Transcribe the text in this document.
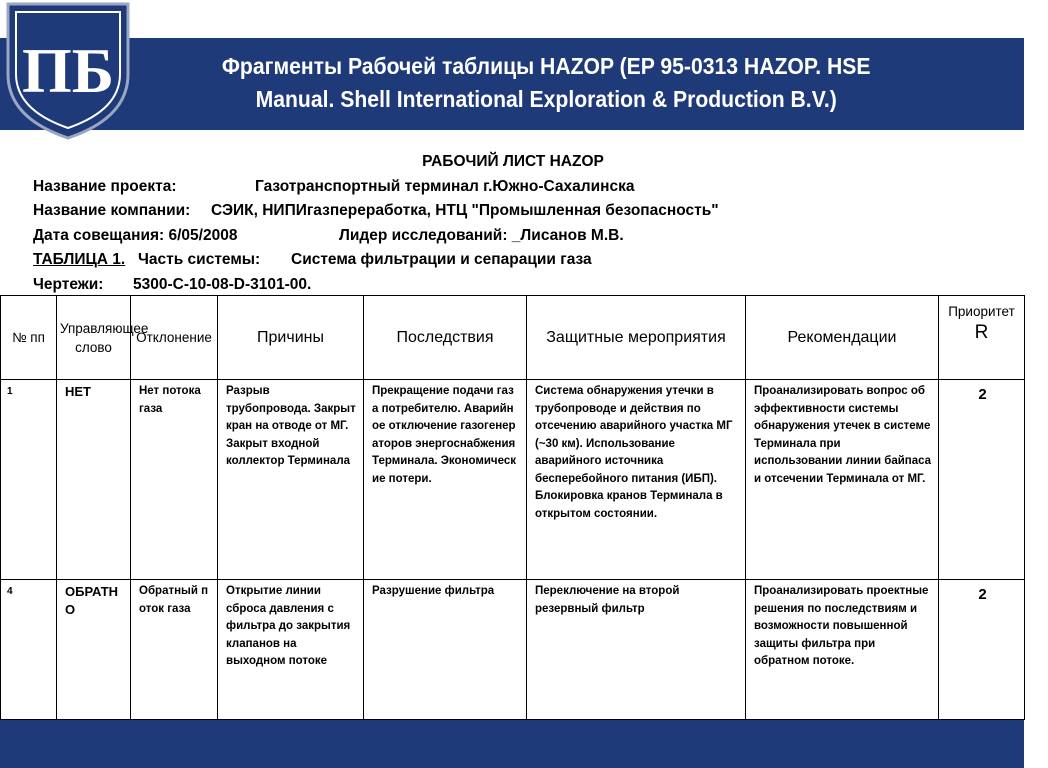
ПБ	Фрагменты Рабочей таблицы HAZOP (EP 95-0313 HAZOP. HSE
Manual. Shell International Exploration & Production B.V.)
РАБОЧИЙ ЛИСТ HAZOP
Название проекта:	Газотранспортный терминал г.Южно-Сахалинска
Название компании: СЭИК, НИПИгазпереработка, НТЦ "Промышленная безопасность"
Дата совещания: 6/05/2008	Лидер исследований: _Лисанов М.В.
ТАБЛИЦА 1. Часть системы: Система фильтрации и сепарации газа
Чертежи: 5300-С-10-08-D-3101-00.
№ пп	Управляющее слово	Отклонение	Причины	Последствия	Защитные мероприятия	Рекомендации	Приоритет
R

1	НЕТ	Нет потока газа	Разрыв трубопровода. Закрыт кран на отводе от МГ. Закрыт входной коллектор Терминала	Прекращение подачи газа потребителю. Аварийное отключение газогенераторов энергоснабженияТерминала. Экономические потери.	Система обнаружения утечки в трубопроводе и действия по отсечению аварийного участка МГ (~30 км). Использование аварийного источника бесперебойного питания (ИБП). Блокировка кранов Терминала в открытом состоянии.	Проанализировать вопрос об эффективности системы обнаружения утечек в системе Терминала при использовании линии байпаса и отсечении Терминала от МГ.	2
4	ОБРАТНО	Обратный поток газа	Открытие линии сброса давления с фильтра до закрытия клапанов на выходном потоке	Разрушение фильтра	Переключение на второй резервный фильтр	Проанализировать проектные решения по последствиям и возможности повышенной защиты фильтра при обратном потоке.	2
